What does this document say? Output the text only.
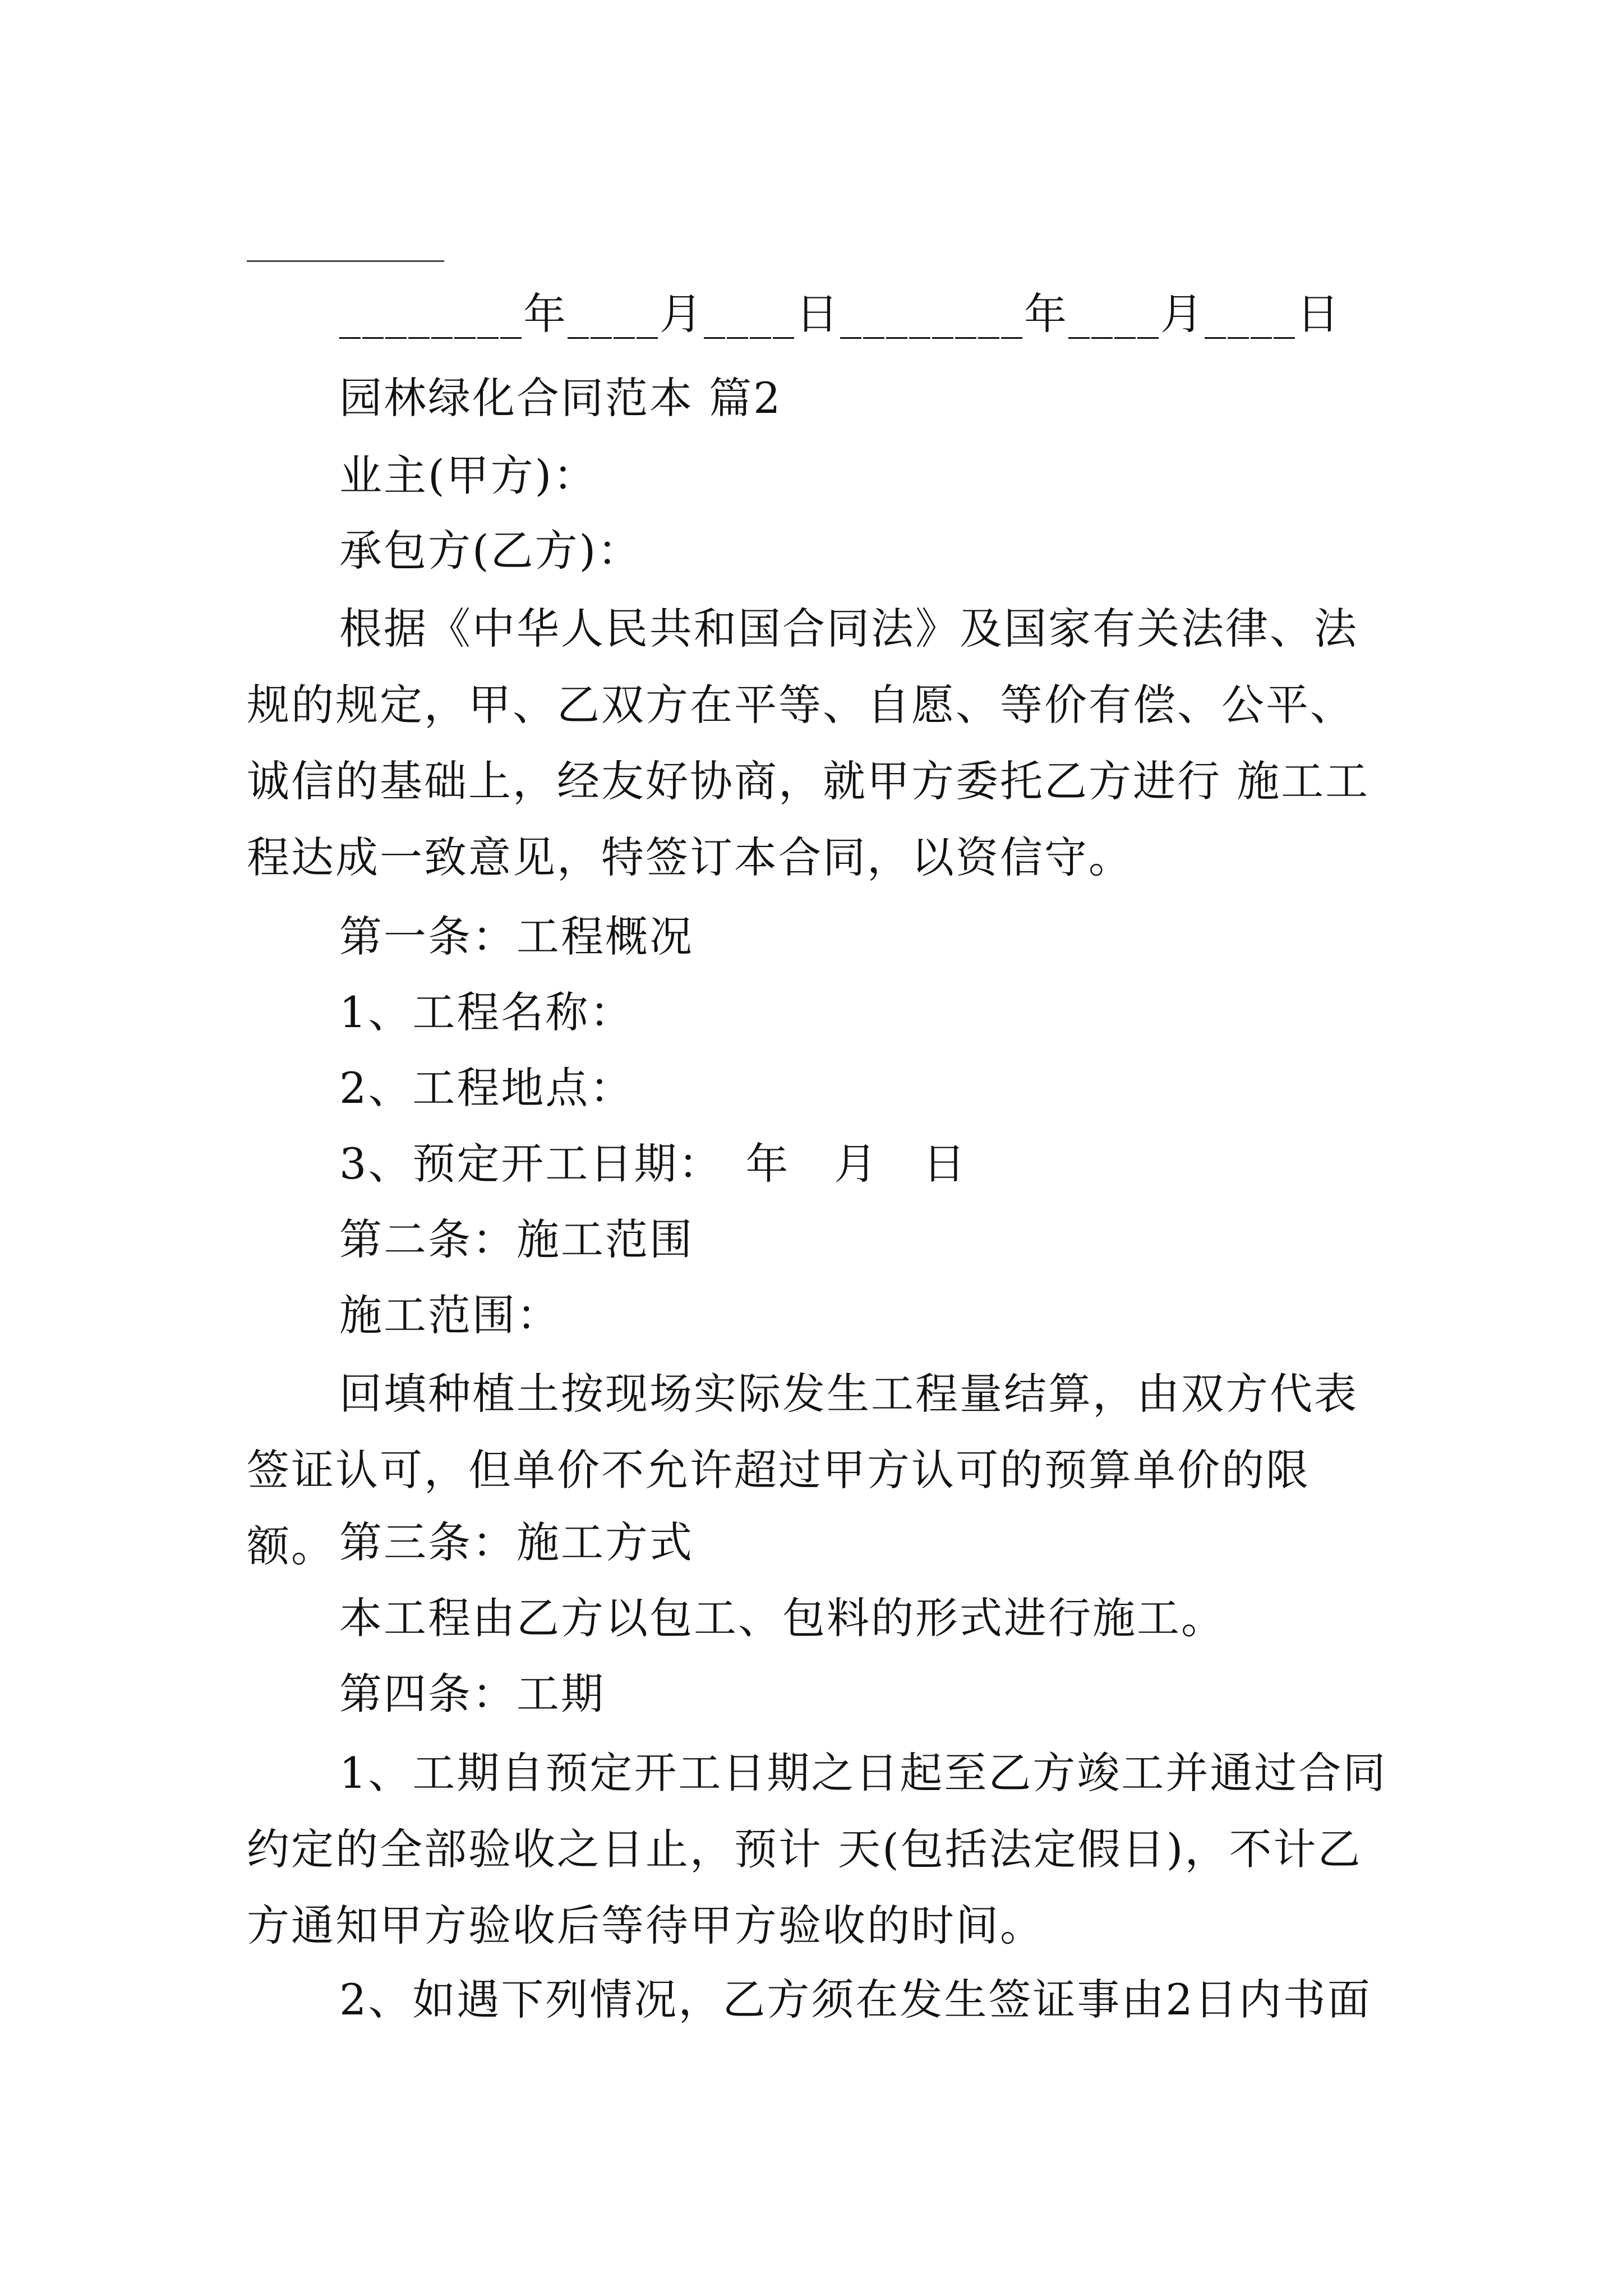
________年____月____日________年____月____日
园林绿化合同范本 篇2
业主(甲方)：
承包方(乙方)：
根据《中华人民共和国合同法》及国家有关法律、法规的规定，甲、乙双方在平等、自愿、等价有偿、公平、诚信的基础上，经友好协商，就甲方委托乙方进行 施工工程达成一致意见，特签订本合同，以资信守。
第一条：工程概况
1、工程名称：
2、工程地点：
3、预定开工日期：　年　月　日
第二条：施工范围
施工范围：
回填种植土按现场实际发生工程量结算，由双方代表签证认可，但单价不允许超过甲方认可的预算单价的限额。 第三条：施工方式
本工程由乙方以包工、包料的形式进行施工。
第四条：工期
1、工期自预定开工日期之日起至乙方竣工并通过合同约定的全部验收之日止，预计 天(包括法定假日)，不计乙方通知甲方验收后等待甲方验收的时间。
2、如遇下列情况，乙方须在发生签证事由2日内书面
